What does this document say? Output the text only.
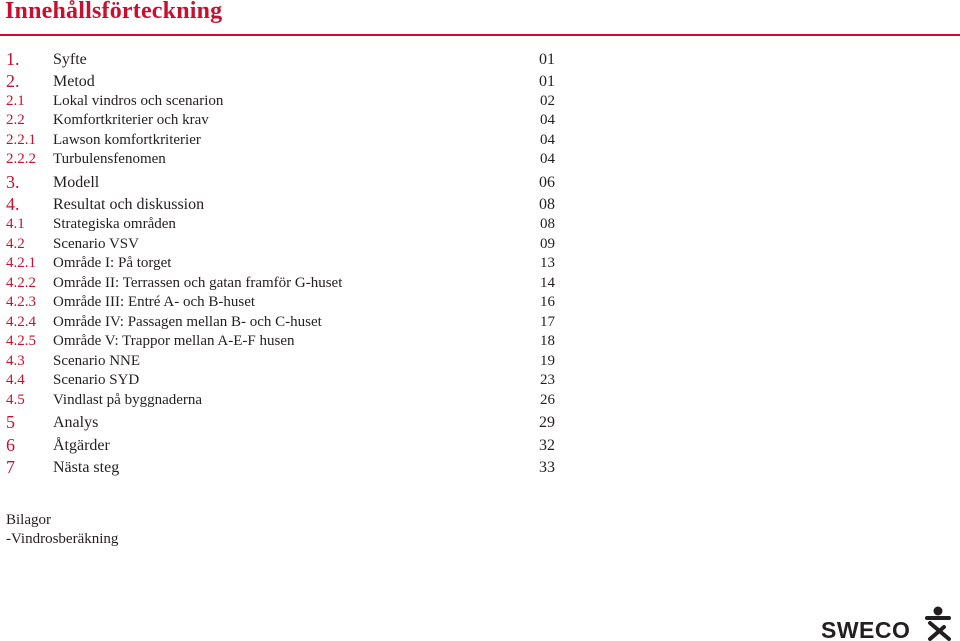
Innehållsförteckning
1. Syfte	01
2. Metod	01
2.1 Lokal vindros och scenarion	02
2.2 Komfortkriterier och krav	04
2.2.1 Lawson komfortkriterier	04
2.2.2 Turbulensfenomen	04
3. Modell	06
4. Resultat och diskussion	08
4.1 Strategiska områden	08
4.2 Scenario VSV	09
4.2.1 Område I: På torget	13
4.2.2 Område II: Terrassen och gatan framför G-huset	14
4.2.3 Område III: Entré A- och B-huset	16
4.2.4 Område IV: Passagen mellan B- och C-huset	17
4.2.5 Område V: Trappor mellan A-E-F husen	18
4.3 Scenario NNE	19
4.4 Scenario SYD	23
4.5 Vindlast på byggnaderna	26
5 Analys	29
6 Åtgärder	32
7 Nästa steg	33
Bilagor
-Vindrosberäkning
SWECO
